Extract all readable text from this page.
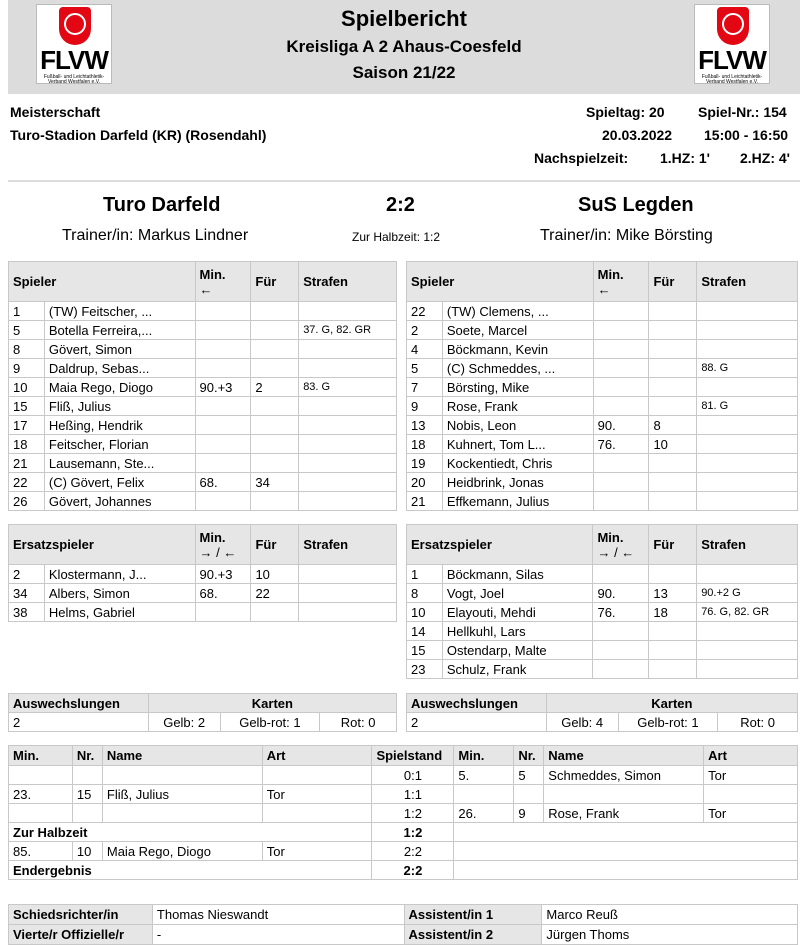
FLVW
Fußball- und Leichtathletik-Verband Westfalen e.V.
Spielbericht
Kreisliga A 2 Ahaus-Coesfeld
Saison 21/22	FLVW
Fußball- und Leichtathletik-Verband Westfalen e.V.
Meisterschaft
Turo-Stadion Darfeld (KR) (Rosendahl)
Spieltag: 20 Spiel-Nr.: 154
20.03.2022 15:00 - 16:50
Nachspielzeit: 1.HZ: 1' 2.HZ: 4'
Turo Darfeld	2:2	SuS Legden
Trainer/in: Markus Lindner	Zur Halbzeit: 1:2	Trainer/in: Mike Börsting
Spieler		Min.
←	Für	Strafen
1	(TW) Feitscher, ...			
5	Botella Ferreira,...			37. G, 82. GR
8	Gövert, Simon			
9	Daldrup, Sebas...			
10	Maia Rego, Diogo	90.+3	2	83. G
15	Fliß, Julius			
17	Heßing, Hendrik			
18	Feitscher, Florian			
21	Lausemann, Ste...			
22	(C) Gövert, Felix	68.	34	
26	Gövert, Johannes			
Spieler		Min.
←	Für	Strafen
22	(TW) Clemens, ...			
2	Soete, Marcel			
4	Böckmann, Kevin			
5	(C) Schmeddes, ...			88. G
7	Börsting, Mike			
9	Rose, Frank			81. G
13	Nobis, Leon	90.	8	
18	Kuhnert, Tom L...	76.	10	
19	Kockentiedt, Chris			
20	Heidbrink, Jonas			
21	Effkemann, Julius			
Ersatzspieler		Min.
→ / ←	Für	Strafen
2	Klostermann, J...	90.+3	10	
34	Albers, Simon	68.	22	
38	Helms, Gabriel			
Ersatzspieler		Min.
→ / ←	Für	Strafen
1	Böckmann, Silas			
8	Vogt, Joel	90.	13	90.+2 G
10	Elayouti, Mehdi	76.	18	76. G, 82. GR
14	Hellkuhl, Lars			
15	Ostendarp, Malte			
23	Schulz, Frank			
Auswechslungen	Karten		
2	Gelb: 2	Gelb-rot: 1	Rot: 0
Auswechslungen	Karten		
2	Gelb: 4	Gelb-rot: 1	Rot: 0
Min.	Nr.	Name	Art	Spielstand	Min.	Nr.	Name	Art
				0:1	5.	5	Schmeddes, Simon	Tor
23.	15	Fliß, Julius	Tor	1:1				
				1:2	26.	9	Rose, Frank	Tor
Zur Halbzeit				1:2				
85.	10	Maia Rego, Diogo	Tor	2:2				
Endergebnis				2:2				
Schiedsrichter/in	Thomas Nieswandt	Assistent/in 1	Marco Reuß
Vierte/r Offizielle/r	-	Assistent/in 2	Jürgen Thoms
